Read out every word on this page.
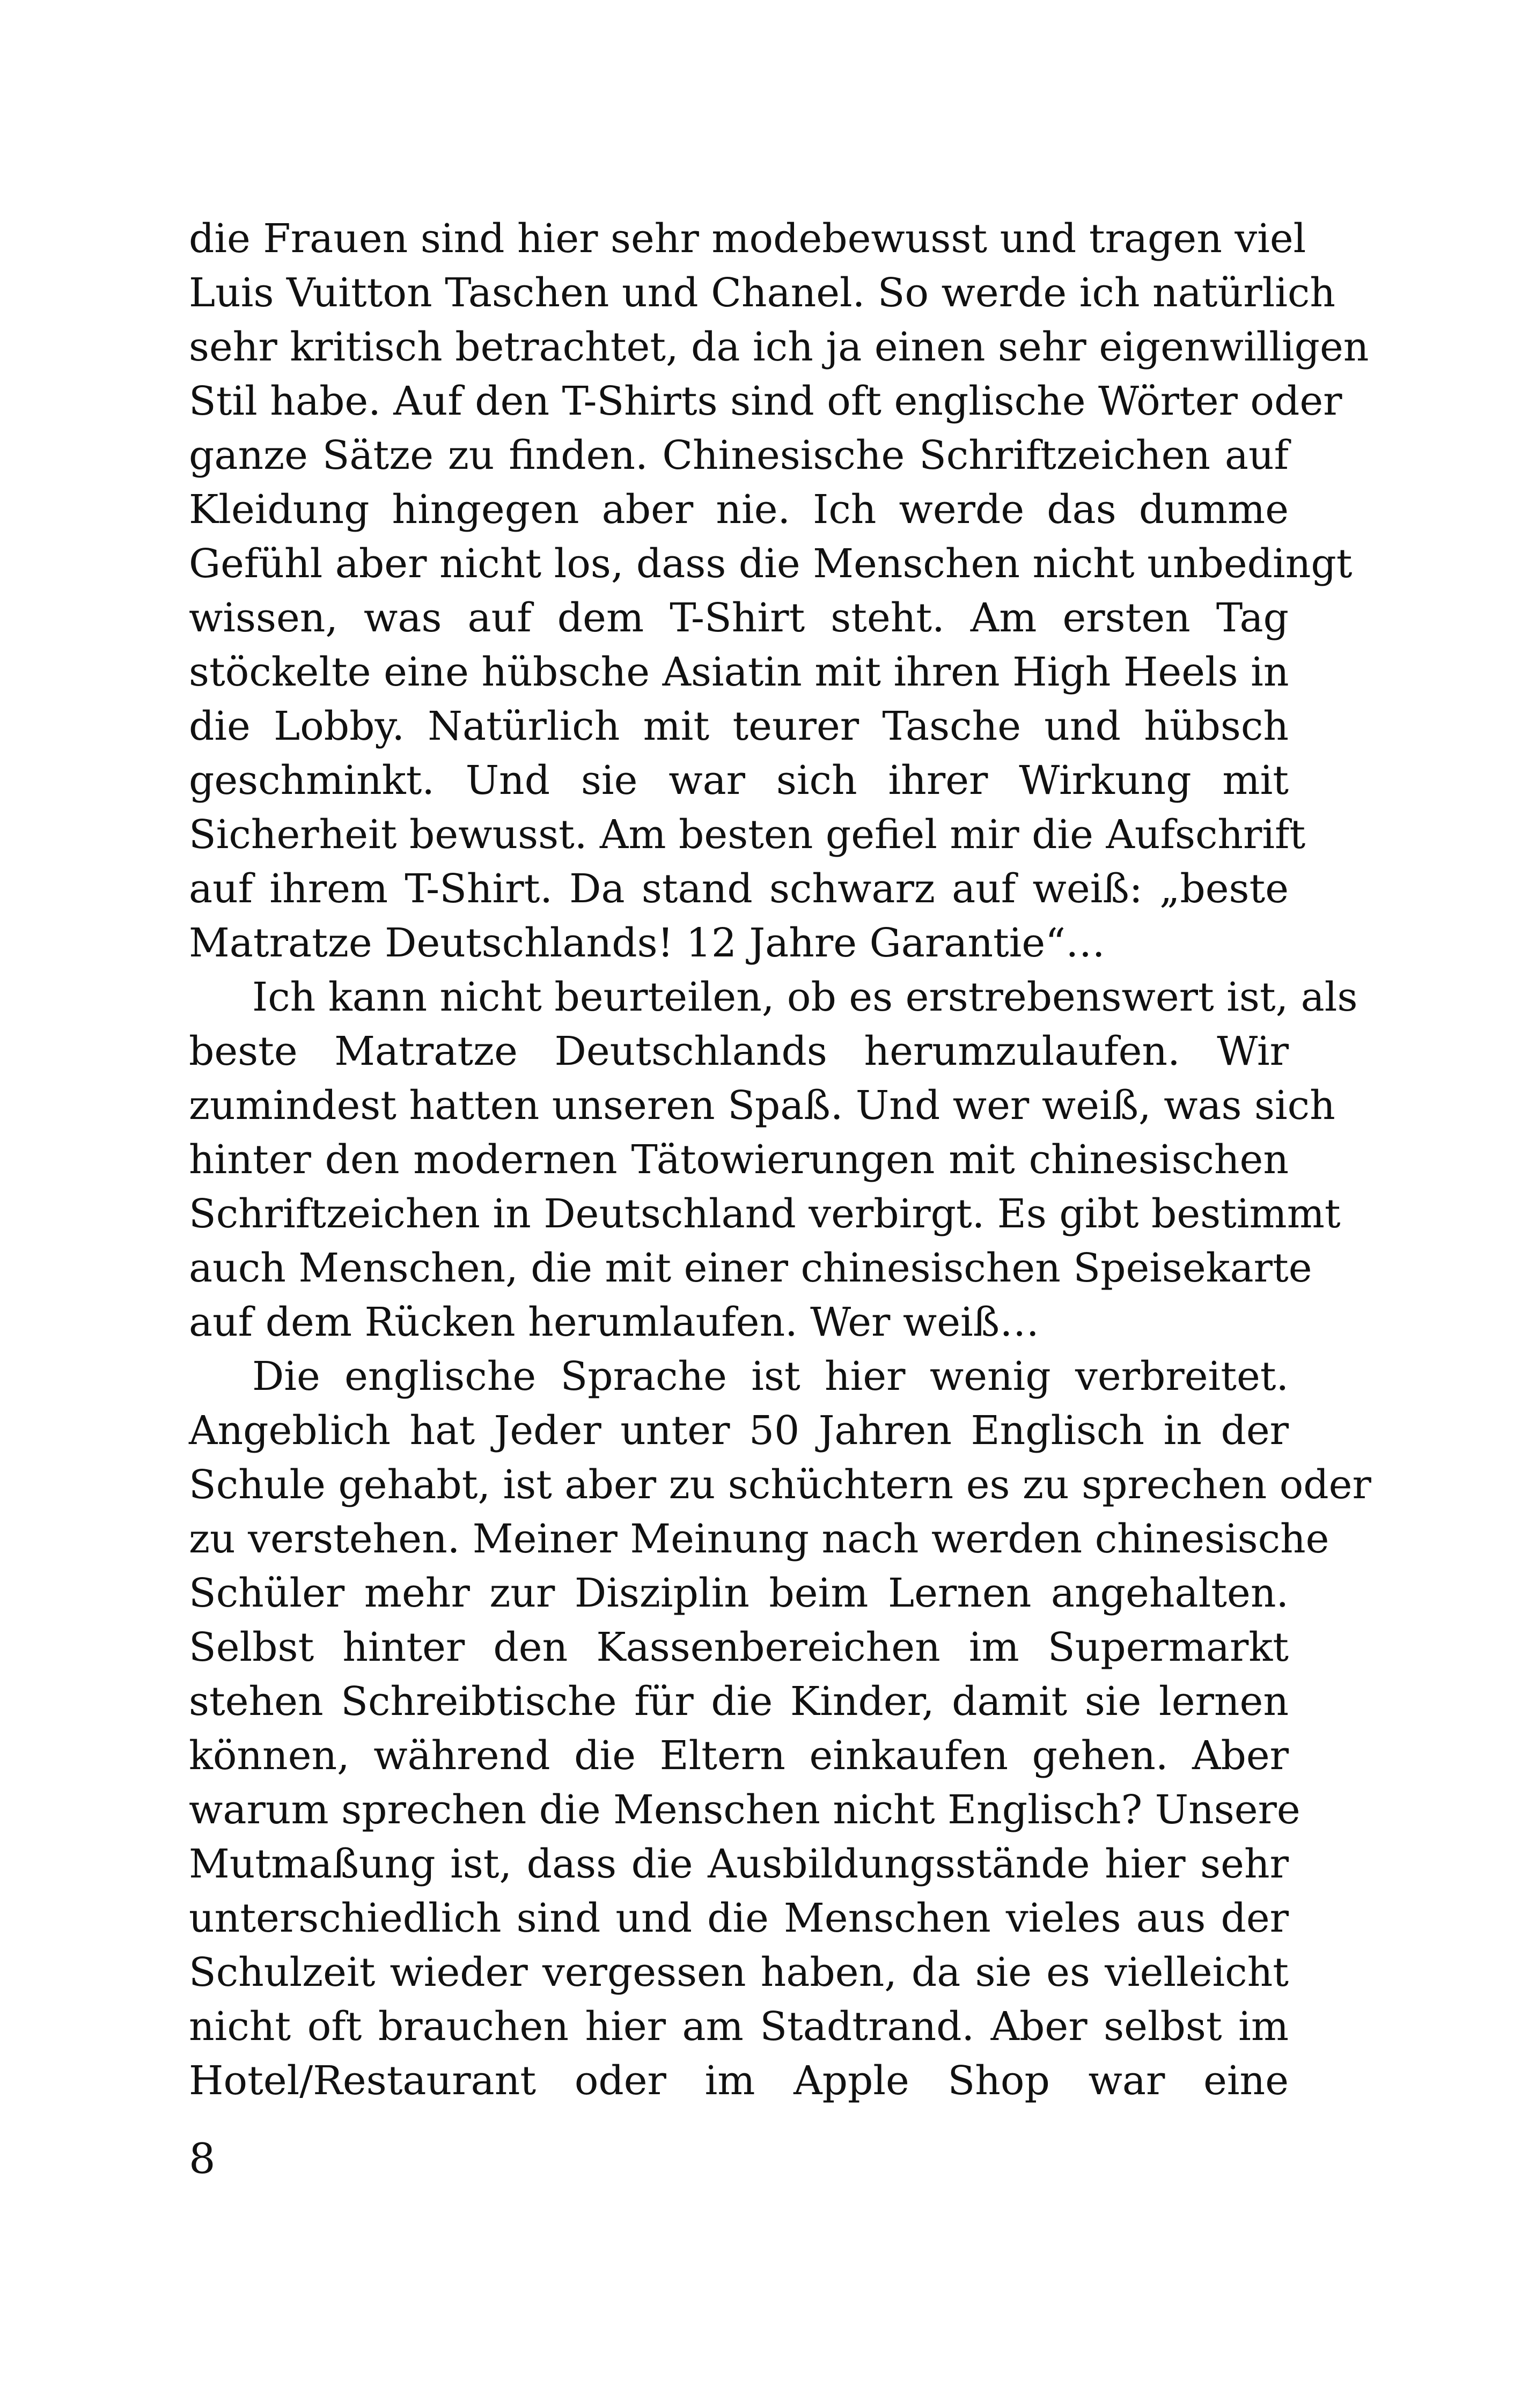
die Frauen sind hier sehr modebewusst und tragen viel
Luis Vuitton Taschen und Chanel. So werde ich natürlich
sehr kritisch betrachtet, da ich ja einen sehr eigenwilligen
Stil habe. Auf den T-Shirts sind oft englische Wörter oder
ganze Sätze zu finden. Chinesische Schriftzeichen auf
Kleidung hingegen aber nie. Ich werde das dumme
Gefühl aber nicht los, dass die Menschen nicht unbedingt
wissen, was auf dem T-Shirt steht. Am ersten Tag
stöckelte eine hübsche Asiatin mit ihren High Heels in
die Lobby. Natürlich mit teurer Tasche und hübsch
geschminkt. Und sie war sich ihrer Wirkung mit
Sicherheit bewusst. Am besten gefiel mir die Aufschrift
auf ihrem T-Shirt. Da stand schwarz auf weiß: „beste
Matratze Deutschlands! 12 Jahre Garantie“…
Ich kann nicht beurteilen, ob es erstrebenswert ist, als
beste Matratze Deutschlands herumzulaufen. Wir
zumindest hatten unseren Spaß. Und wer weiß, was sich
hinter den modernen Tätowierungen mit chinesischen
Schriftzeichen in Deutschland verbirgt. Es gibt bestimmt
auch Menschen, die mit einer chinesischen Speisekarte
auf dem Rücken herumlaufen. Wer weiß…
Die englische Sprache ist hier wenig verbreitet.
Angeblich hat Jeder unter 50 Jahren Englisch in der
Schule gehabt, ist aber zu schüchtern es zu sprechen oder
zu verstehen. Meiner Meinung nach werden chinesische
Schüler mehr zur Disziplin beim Lernen angehalten.
Selbst hinter den Kassenbereichen im Supermarkt
stehen Schreibtische für die Kinder, damit sie lernen
können, während die Eltern einkaufen gehen. Aber
warum sprechen die Menschen nicht Englisch? Unsere
Mutmaßung ist, dass die Ausbildungsstände hier sehr
unterschiedlich sind und die Menschen vieles aus der
Schulzeit wieder vergessen haben, da sie es vielleicht
nicht oft brauchen hier am Stadtrand. Aber selbst im
Hotel/Restaurant oder im Apple Shop war eine
8
